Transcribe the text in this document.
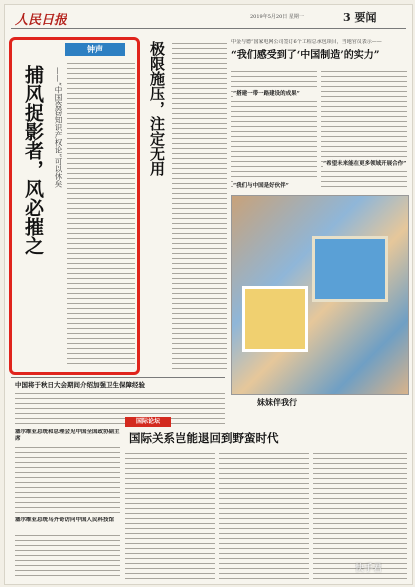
人民日报	2019年5月20日 星期一	3 要闻
钟声
捕风捉影者，风必摧之	——“中国盗窃知识产权论”可以休矣	极限施压，注定无用	中金与德“国家电网公司签订6个工程总承包项目，当地官员表示——
“我们感受到了‘中国制造’的实力”
“搭建一带一路建设的成果”
“希望未来能在更多领域开展合作”
“我们与中国是好伙伴”
妹妹伴我行
中国将于秋日大会期间介绍加强卫生保障经验
塞尔维亚总统和总理会见中国全国政协副主席
塞尔维亚总统乌齐奇访问中国人民科技馆
国际论坛
国际关系岂能退回到野蛮时代
快手君
